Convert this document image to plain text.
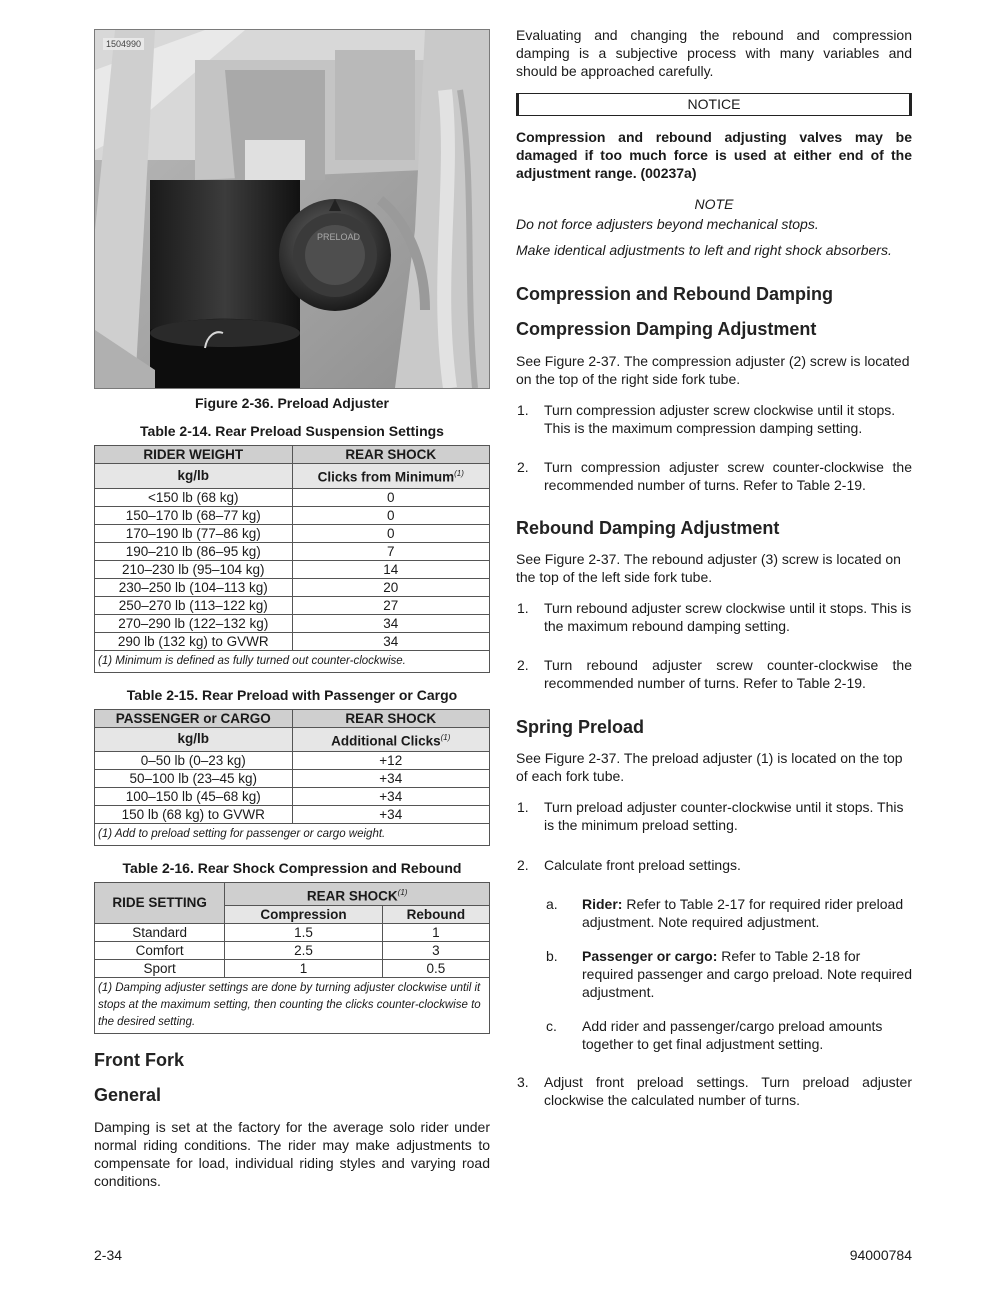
PRELOAD
1504990
Figure 2-36. Preload Adjuster
Table 2-14. Rear Preload Suspension Settings
RIDER WEIGHT	REAR SHOCK
kg/lb	Clicks from Minimum$^{(1)}$
<150 lb (68 kg)	0
150–170 lb (68–77 kg)	0
170–190 lb (77–86 kg)	0
190–210 lb (86–95 kg)	7
210–230 lb (95–104 kg)	14
230–250 lb (104–113 kg)	20
250–270 lb (113–122 kg)	27
270–290 lb (122–132 kg)	34
290 lb (132 kg) to GVWR	34
(1) Minimum is defined as fully turned out counter-clockwise.	
Table 2-15. Rear Preload with Passenger or Cargo
PASSENGER or CARGO	REAR SHOCK
kg/lb	Additional Clicks$^{(1)}$
0–50 lb (0–23 kg)	+12
50–100 lb (23–45 kg)	+34
100–150 lb (45–68 kg)	+34
150 lb (68 kg) to GVWR	+34
(1) Add to preload setting for passenger or cargo weight.	
Table 2-16. Rear Shock Compression and Rebound
RIDE SETTING	REAR SHOCK$^{(1)}$
	Compression	Rebound
Standard	1.5	1
Comfort	2.5	3
Sport	1	0.5
(1) Damping adjuster settings are done by turning adjuster clockwise until it stops at the maximum setting, then counting the clicks counter-clockwise to the desired setting.		
Front Fork
General

Damping is set at the factory for the average solo rider under normal riding conditions. The rider may make adjustments to compensate for load, individual riding styles and varying road conditions.

Evaluating and changing the rebound and compression damping is a subjective process with many variables and should be approached carefully.

NOTICE
Compression and rebound adjusting valves may be damaged if too much force is used at either end of the adjustment range. (00237a)
NOTE
Do not force adjusters beyond mechanical stops.
Make identical adjustments to left and right shock absorbers.
Compression and Rebound Damping
Compression Damping Adjustment

See Figure 2-37. The compression adjuster (2) screw is located on the top of the right side fork tube.

1. Turn compression adjuster screw clockwise until it stops. This is the maximum compression damping setting.
2. Turn compression adjuster screw counter-clockwise the recommended number of turns. Refer to Table 2-19.
Rebound Damping Adjustment

See Figure 2-37. The rebound adjuster (3) screw is located on the top of the left side fork tube.

1. Turn rebound adjuster screw clockwise until it stops. This is the maximum rebound damping setting.
2. Turn rebound adjuster screw counter-clockwise the recommended number of turns. Refer to Table 2-19.
Spring Preload

See Figure 2-37. The preload adjuster (1) is located on the top of each fork tube.

1. Turn preload adjuster counter-clockwise until it stops. This is the minimum preload setting.
2. Calculate front preload settings.
a. Rider: Refer to Table 2-17 for required rider preload adjustment. Note required adjustment.
b. Passenger or cargo: Refer to Table 2-18 for required passenger and cargo preload. Note required adjustment.
c. Add rider and passenger/cargo preload amounts together to get final adjustment setting.
3. Adjust front preload settings. Turn preload adjuster clockwise the calculated number of turns.
2-34	94000784
